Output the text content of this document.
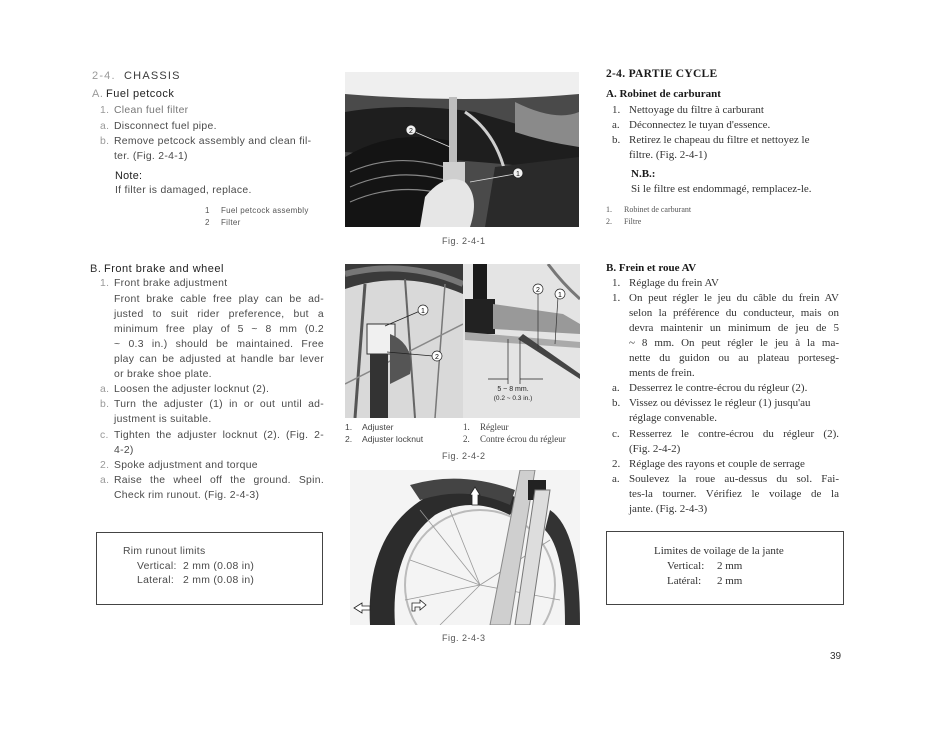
2-4. CHASSIS
A. Fuel petcock
1. Clean fuel filter
a. Disconnect fuel pipe.
b. Remove petcock assembly and clean fil-
ter. (Fig. 2-4-1)
Note:
If filter is damaged, replace.
1 Fuel petcock assembly
2 Filter
B. Front brake and wheel
1. Front brake adjustment
Front brake cable free play can be ad-
justed to suit rider preference, but a
minimum free play of 5 ~ 8 mm (0.2
~ 0.3 in.) should be maintained. Free
play can be adjusted at handle bar lever
or brake shoe plate.
a. Loosen the adjuster locknut (2).
b. Turn the adjuster (1) in or out until ad-
justment is suitable.
c. Tighten the adjuster locknut (2). (Fig. 2-
4-2)
2. Spoke adjustment and torque
a. Raise the wheel off the ground. Spin.
Check rim runout. (Fig. 2-4-3)
Rim runout limits
Vertical: 2 mm (0.08 in)
Lateral: 2 mm (0.08 in)
2
1
Fig. 2-4-1
1
2
2
1
5 ~ 8 mm.
(0.2 ~ 0.3 in.)
1. Adjuster
2. Adjuster locknut
1. Régleur
2. Contre écrou du régleur
Fig. 2-4-2
Fig. 2-4-3
2-4. PARTIE CYCLE
A. Robinet de carburant
1. Nettoyage du filtre à carburant
a. Déconnectez le tuyan d'essence.
b. Retirez le chapeau du filtre et nettoyez le
filtre. (Fig. 2-4-1)
N.B.:
Si le filtre est endommagé, remplacez-le.
1. Robinet de carburant
2. Filtre
B. Frein et roue AV
1. Réglage du frein AV
1. On peut régler le jeu du câble du frein AV
selon la préférence du conducteur, mais on
devra maintenir un minimum de jeu de 5
~ 8 mm. On peut régler le jeu à la ma-
nette du guidon ou au plateau porteseg-
ments de frein.
a. Desserrez le contre-écrou du régleur (2).
b. Vissez ou dévissez le régleur (1) jusqu'au
réglage convenable.
c. Resserrez le contre-écrou du régleur (2).
(Fig. 2-4-2)
2. Réglage des rayons et couple de serrage
a. Soulevez la roue au-dessus du sol. Fai-
tes-la tourner. Vérifiez le voilage de la
jante. (Fig. 2-4-3)
Limites de voilage de la jante
Vertical: 2 mm
Latéral: 2 mm
39
